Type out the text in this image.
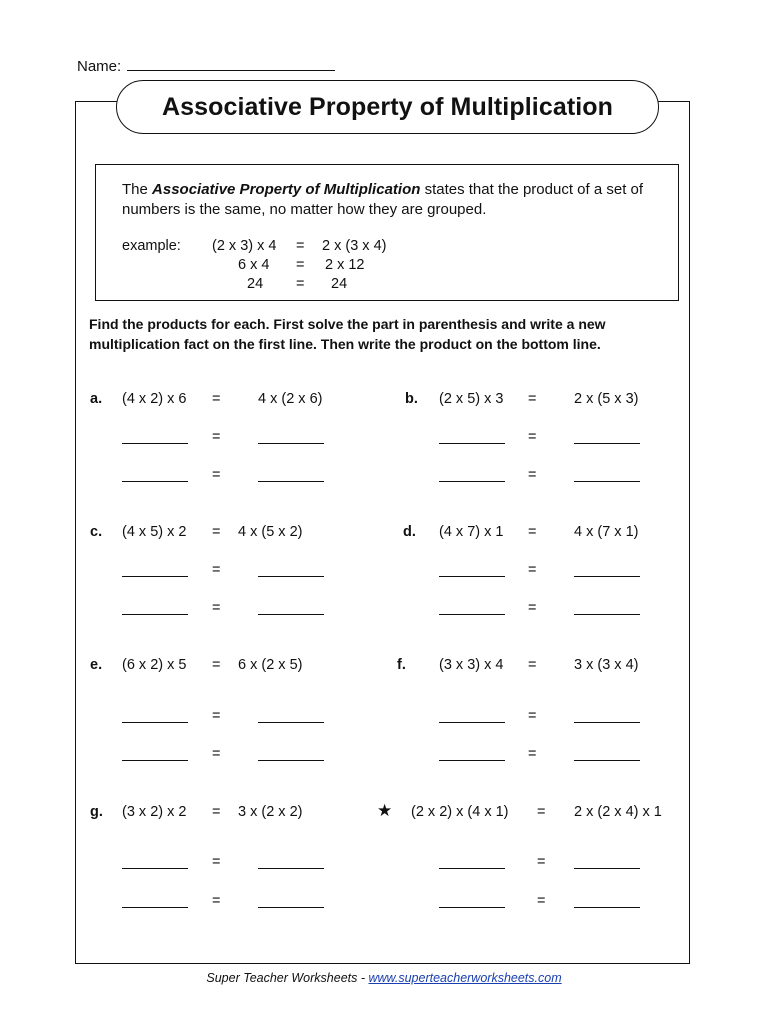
Name:
Associative Property of Multiplication
The Associative Property of Multiplication states that the product of a set of numbers is the same, no matter how they are grouped.
example: (2 x 3) x 4 = 2 x (3 x 4)
6 x 4 = 2 x 12
24 = 24
Find the products for each. First solve the part in parenthesis and write a new multiplication fact on the first line. Then write the product on the bottom line.
a. (4 x 2) x 6 =	4 x (2 x 6)
=
=
b. (2 x 5) x 3 =	2 x (5 x 3)
=
=
c. (4 x 5) x 2 = 4 x (5 x 2)
=
=
d. (4 x 7) x 1 =	4 x (7 x 1)
=
=
e. (6 x 2) x 5 = 6 x (2 x 5)
=
=
f. (3 x 3) x 4 =	3 x (3 x 4)
=
=
g. (3 x 2) x 2 = 3 x (2 x 2)
=
=
★ (2 x 2) x (4 x 1) = 2 x (2 x 4) x 1
=
=
Super Teacher Worksheets - www.superteacherworksheets.com
